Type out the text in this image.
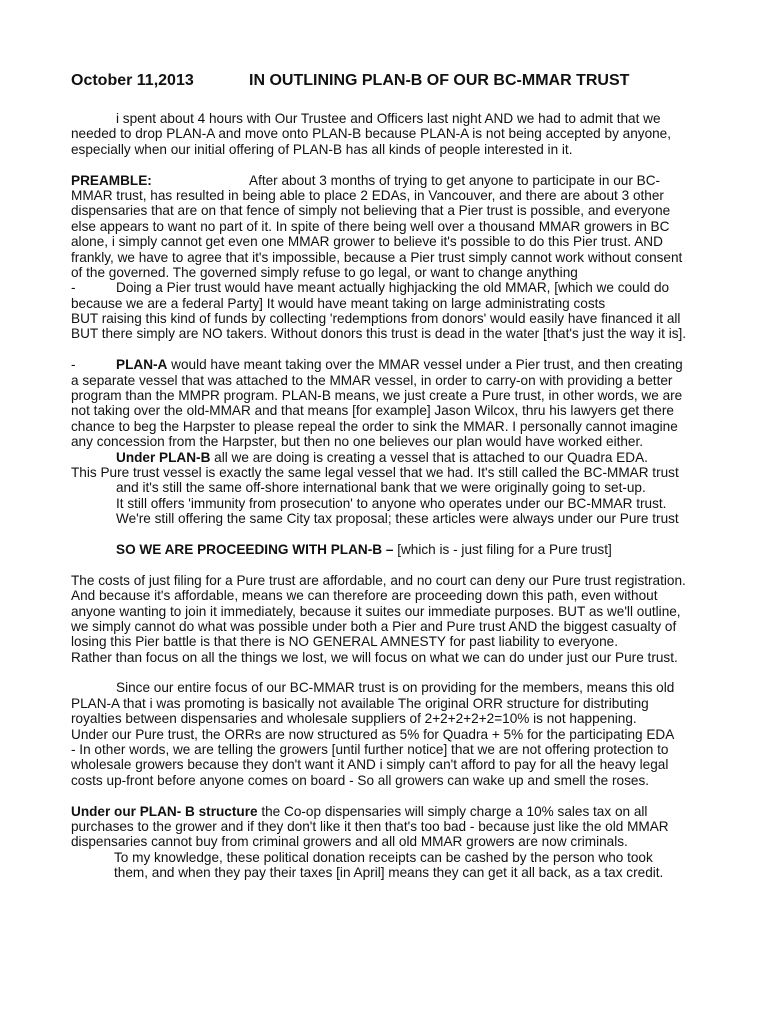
October 11,2013	IN OUTLINING PLAN-B OF OUR BC-MMAR TRUST
i spent about 4 hours with Our Trustee and Officers last night AND we had to admit that we
needed to drop PLAN-A and move onto PLAN-B because PLAN-A is not being accepted by anyone,
especially when our initial offering of PLAN-B has all kinds of people interested in it.
PREAMBLE:	After about 3 months of trying to get anyone to participate in our BC-
MMAR trust, has resulted in being able to place 2 EDAs, in Vancouver, and there are about 3 other
dispensaries that are on that fence of simply not believing that a Pier trust is possible, and everyone
else appears to want no part of it. In spite of there being well over a thousand MMAR growers in BC
alone, i simply cannot get even one MMAR grower to believe it's possible to do this Pier trust. AND
frankly, we have to agree that it's impossible, because a Pier trust simply cannot work without consent
of the governed. The governed simply refuse to go legal, or want to change anything
-	Doing a Pier trust would have meant actually highjacking the old MMAR, [which we could do
because we are a federal Party] It would have meant taking on large administrating costs
BUT raising this kind of funds by collecting 'redemptions from donors' would easily have financed it all
BUT there simply are NO takers. Without donors this trust is dead in the water [that's just the way it is].
-	PLAN-A would have meant taking over the MMAR vessel under a Pier trust, and then creating
a separate vessel that was attached to the MMAR vessel, in order to carry-on with providing a better
program than the MMPR program. PLAN-B means, we just create a Pure trust, in other words, we are
not taking over the old-MMAR and that means [for example] Jason Wilcox, thru his lawyers get there
chance to beg the Harpster to please repeal the order to sink the MMAR. I personally cannot imagine
any concession from the Harpster, but then no one believes our plan would have worked either.
Under PLAN-B all we are doing is creating a vessel that is attached to our Quadra EDA.
This Pure trust vessel is exactly the same legal vessel that we had. It's still called the BC-MMAR trust
and it's still the same off-shore international bank that we were originally going to set-up.
It still offers 'immunity from prosecution' to anyone who operates under our BC-MMAR trust.
We're still offering the same City tax proposal; these articles were always under our Pure trust
SO WE ARE PROCEEDING WITH PLAN-B – [which is - just filing for a Pure trust]
The costs of just filing for a Pure trust are affordable, and no court can deny our Pure trust registration.
And because it's affordable, means we can therefore are proceeding down this path, even without
anyone wanting to join it immediately, because it suites our immediate purposes. BUT as we'll outline,
we simply cannot do what was possible under both a Pier and Pure trust AND the biggest casualty of
losing this Pier battle is that there is NO GENERAL AMNESTY for past liability to everyone.
Rather than focus on all the things we lost, we will focus on what we can do under just our Pure trust.
Since our entire focus of our BC-MMAR trust is on providing for the members, means this old
PLAN-A that i was promoting is basically not available The original ORR structure for distributing
royalties between dispensaries and wholesale suppliers of 2+2+2+2+2=10% is not happening.
Under our Pure trust, the ORRs are now structured as 5% for Quadra + 5% for the participating EDA
- In other words, we are telling the growers [until further notice] that we are not offering protection to
wholesale growers because they don't want it AND i simply can't afford to pay for all the heavy legal
costs up-front before anyone comes on board - So all growers can wake up and smell the roses.
Under our PLAN- B structure the Co-op dispensaries will simply charge a 10% sales tax on all
purchases to the grower and if they don't like it then that's too bad - because just like the old MMAR
dispensaries cannot buy from criminal growers and all old MMAR growers are now criminals.
To my knowledge, these political donation receipts can be cashed by the person who took
them, and when they pay their taxes [in April] means they can get it all back, as a tax credit.
